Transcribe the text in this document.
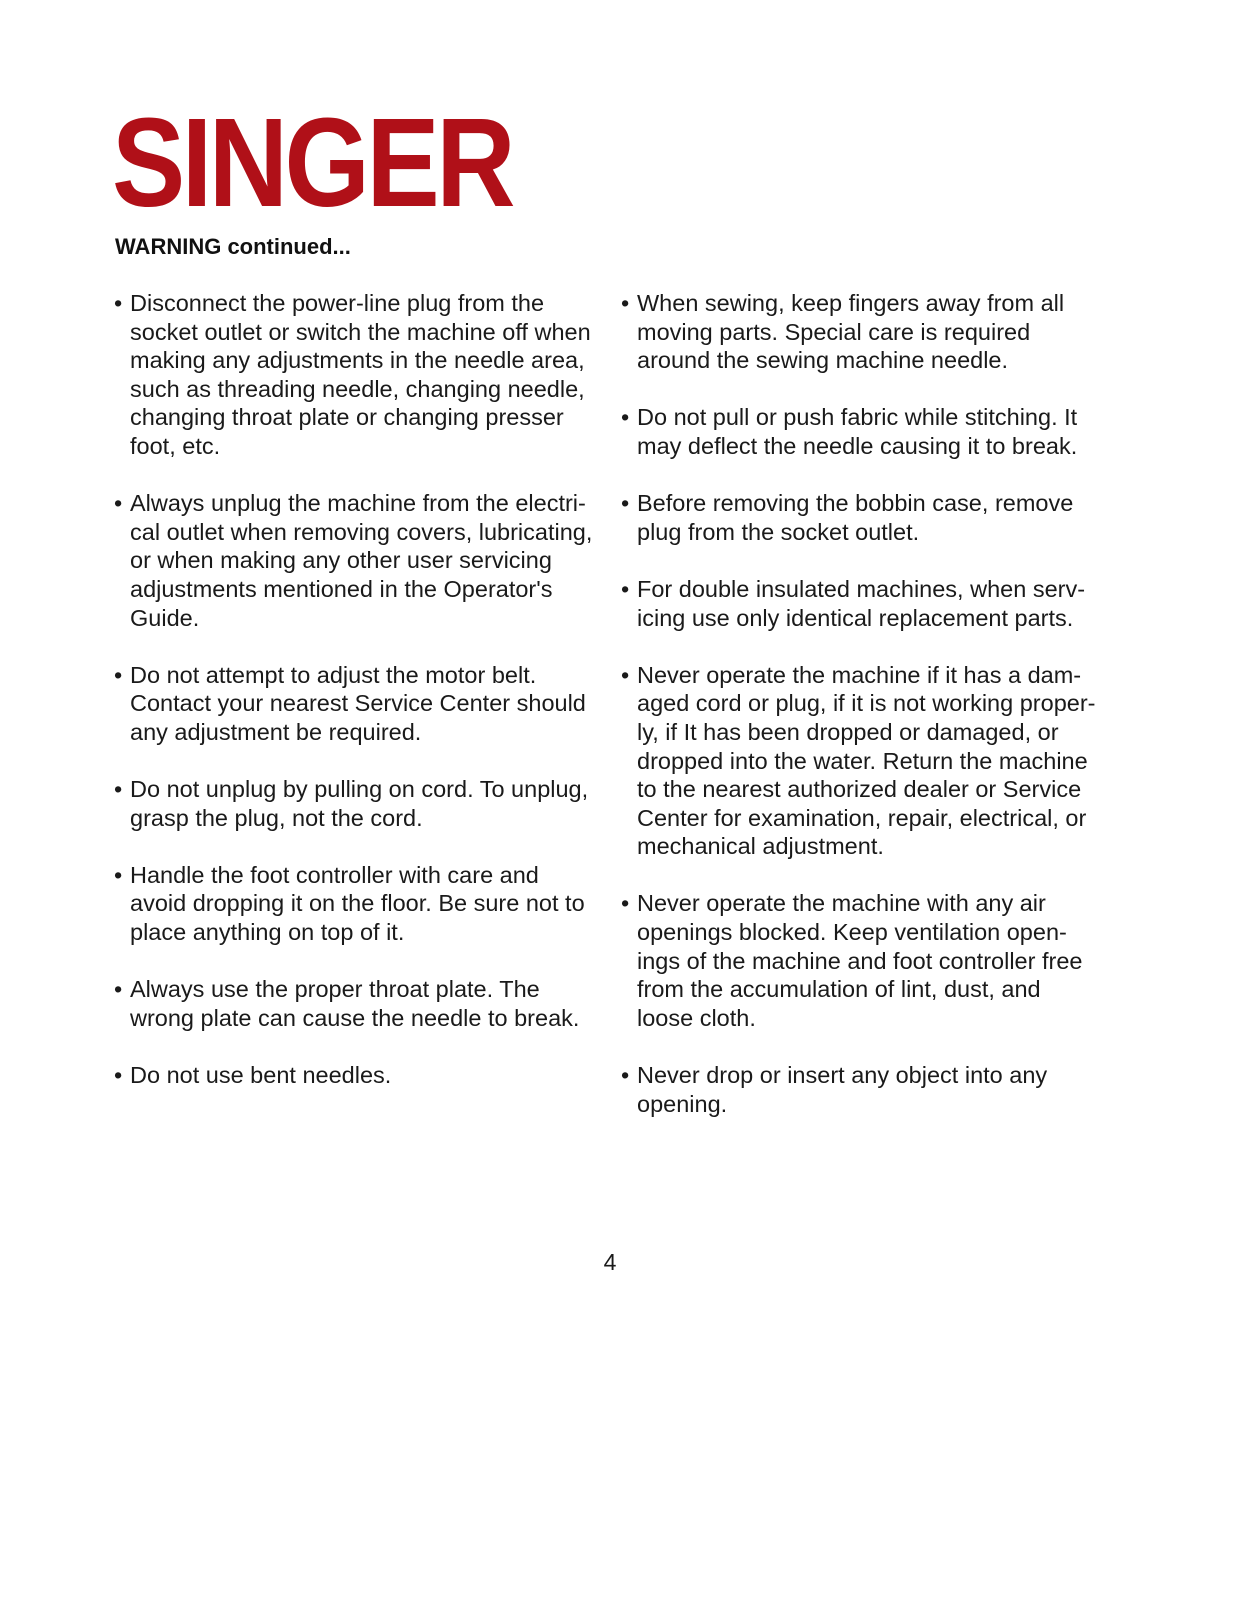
SINGER
WARNING continued...
• Disconnect the power-line plug from the
socket outlet or switch the machine off when
making any adjustments in the needle area,
such as threading needle, changing needle,
changing throat plate or changing presser
foot, etc.
• Always unplug the machine from the electri-
cal outlet when removing covers, lubricating,
or when making any other user servicing
adjustments mentioned in the Operator's
Guide.
• Do not attempt to adjust the motor belt.
Contact your nearest Service Center should
any adjustment be required.
• Do not unplug by pulling on cord. To unplug,
grasp the plug, not the cord.
• Handle the foot controller with care and
avoid dropping it on the floor. Be sure not to
place anything on top of it.
• Always use the proper throat plate. The
wrong plate can cause the needle to break.
• Do not use bent needles.
• When sewing, keep fingers away from all
moving parts. Special care is required
around the sewing machine needle.
• Do not pull or push fabric while stitching. It
may deflect the needle causing it to break.
• Before removing the bobbin case, remove
plug from the socket outlet.
• For double insulated machines, when serv-
icing use only identical replacement parts.
• Never operate the machine if it has a dam-
aged cord or plug, if it is not working proper-
ly, if It has been dropped or damaged, or
dropped into the water. Return the machine
to the nearest authorized dealer or Service
Center for examination, repair, electrical, or
mechanical adjustment.
• Never operate the machine with any air
openings blocked. Keep ventilation open-
ings of the machine and foot controller free
from the accumulation of lint, dust, and
loose cloth.
• Never drop or insert any object into any
opening.
4
